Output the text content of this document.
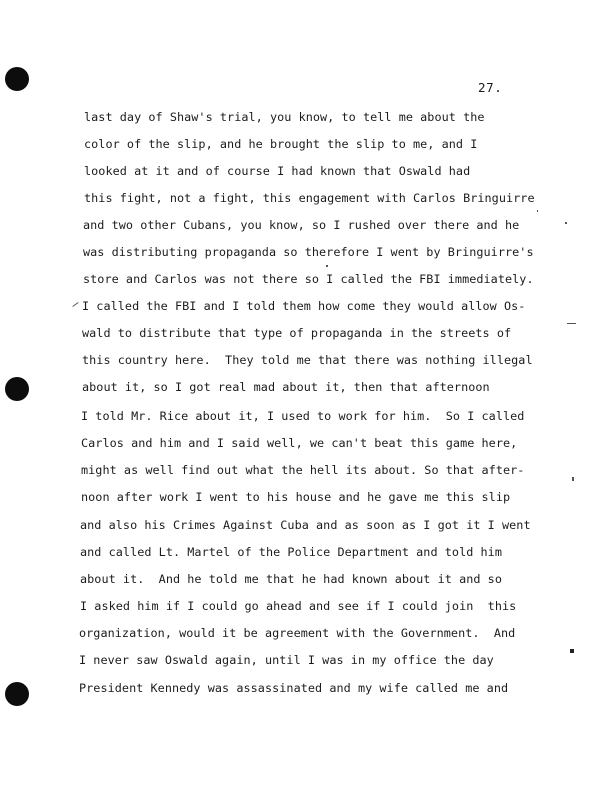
27.
last day of Shaw's trial, you know, to tell me about the
color of the slip, and he brought the slip to me, and I
looked at it and of course I had known that Oswald had
this fight, not a fight, this engagement with Carlos Bringuirre
and two other Cubans, you know, so I rushed over there and he
was distributing propaganda so therefore I went by Bringuirre's
store and Carlos was not there so I called the FBI immediately.
I called the FBI and I told them how come they would allow Os-
wald to distribute that type of propaganda in the streets of
this country here.  They told me that there was nothing illegal
about it, so I got real mad about it, then that afternoon
I told Mr. Rice about it, I used to work for him.  So I called
Carlos and him and I said well, we can't beat this game here,
might as well find out what the hell its about. So that after-
noon after work I went to his house and he gave me this slip
and also his Crimes Against Cuba and as soon as I got it I went
and called Lt. Martel of the Police Department and told him
about it.  And he told me that he had known about it and so
I asked him if I could go ahead and see if I could join  this
organization, would it be agreement with the Government.  And
I never saw Oswald again, until I was in my office the day
President Kennedy was assassinated and my wife called me and
